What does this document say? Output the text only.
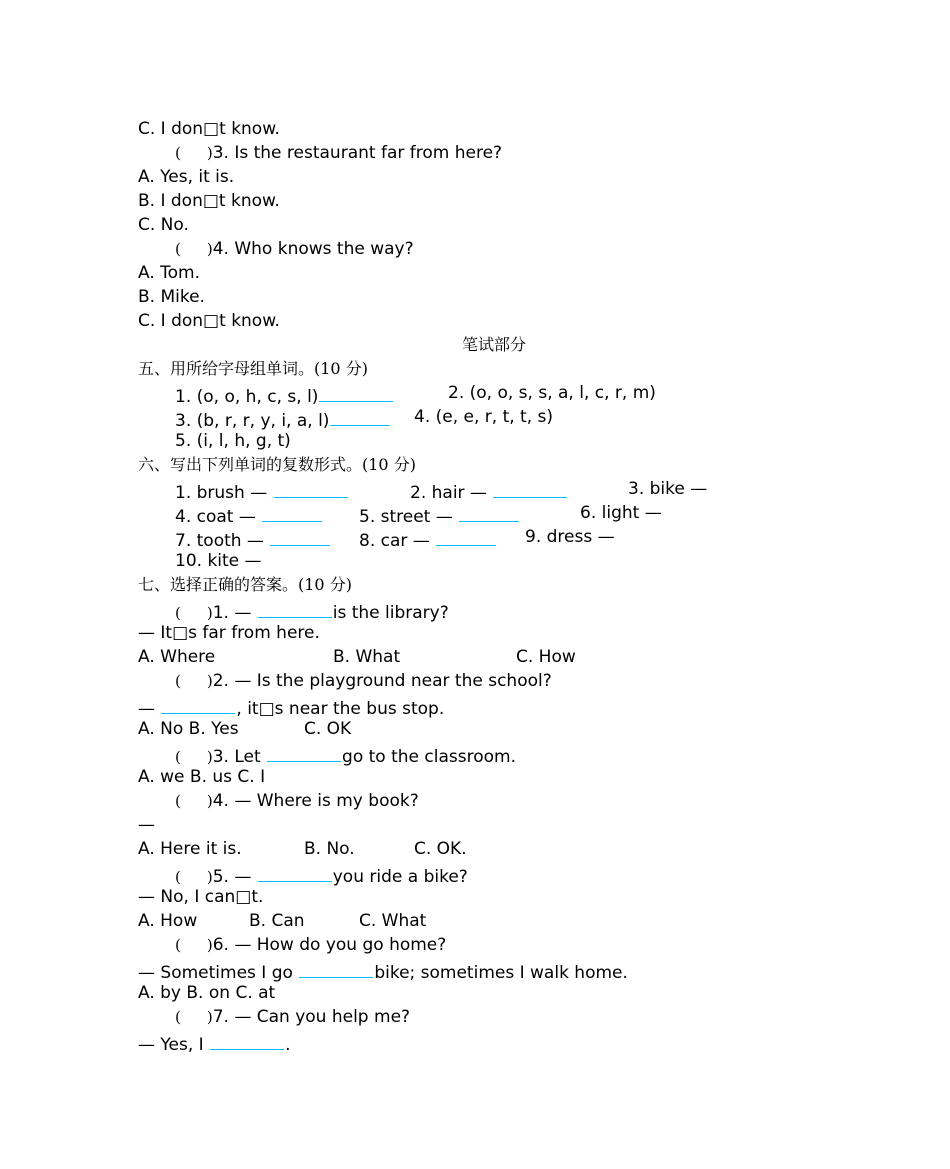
C. I don□t know.
( )3. Is the restaurant far from here?
A. Yes, it is.
B. I don□t know.
C. No.
( )4. Who knows the way?
A. Tom.
B. Mike.
C. I don□t know.
笔试部分
五、用所给字母组单词。(10 分)
1. (o, o, h, c, s, l)	2. (o, o, s, s, a, l, c, r, m)
3. (b, r, r, y, i, a, l)	4. (e, e, r, t, t, s)
5. (i, l, h, g, t)
六、写出下列单词的复数形式。(10 分)
1. brush —	2. hair —	3. bike —
4. coat —	5. street —	6. light —
7. tooth —	8. car —	9. dress —
10. kite —
七、选择正确的答案。(10 分)
( )1. —	is the library?
— It□s far from here.
A. Where	B. What	C. How
( )2. — Is the playground near the school?
—	, it□s near the bus stop.
A. No B. Yes	C. OK
( )3. Let	go to the classroom.
A. we B. us C. I
( )4. — Where is my book?
—
A. Here it is.	B. No.	C. OK.
( )5. —	you ride a bike?
— No, I can□t.
A. How	B. Can	C. What
( )6. — How do you go home?
— Sometimes I go	bike; sometimes I walk home.
A. by B. on C. at
( )7. — Can you help me?
— Yes, I	.
